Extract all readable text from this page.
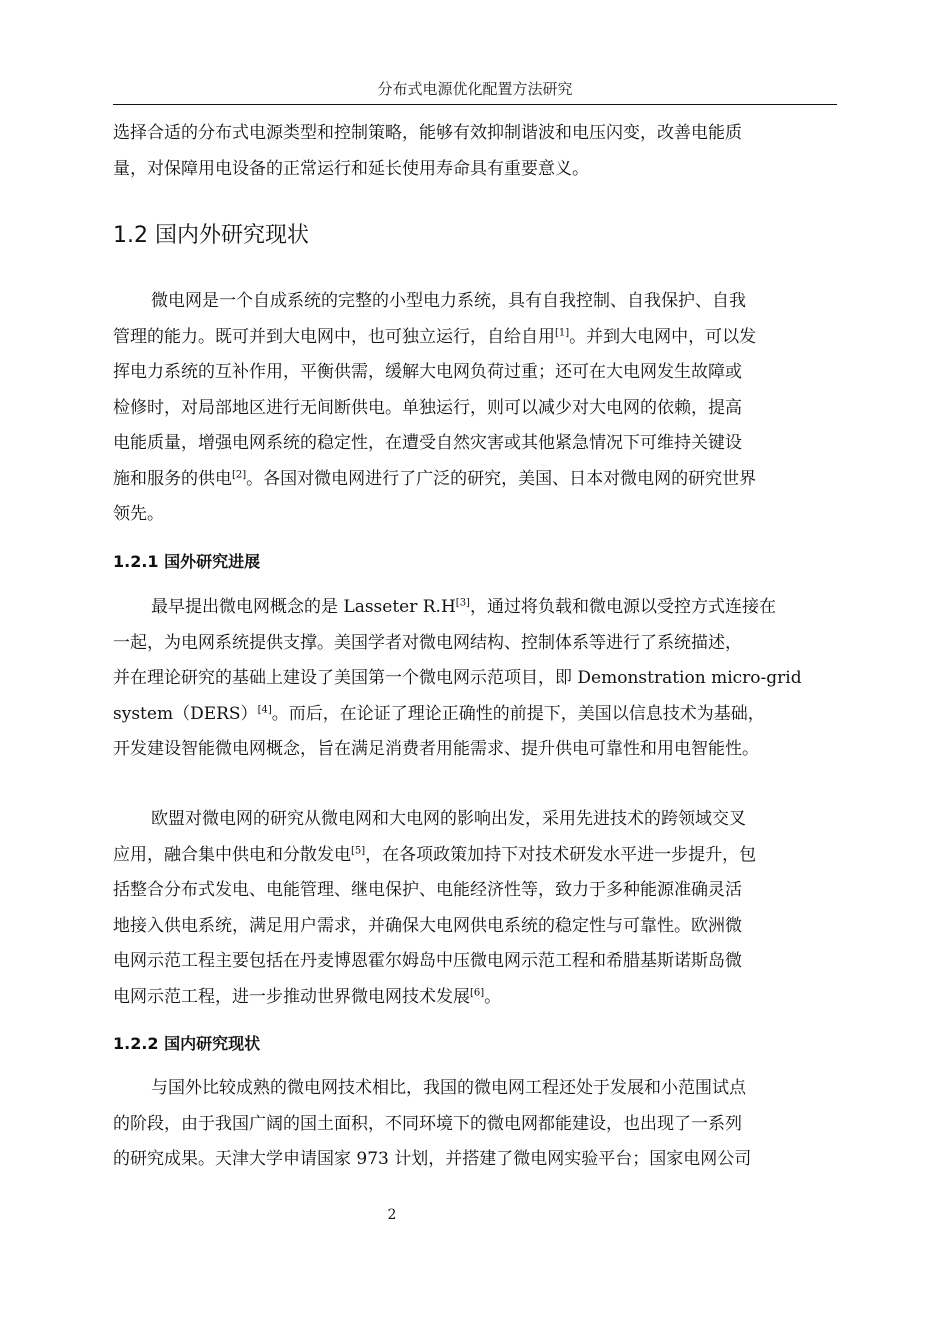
分布式电源优化配置方法研究
选择合适的分布式电源类型和控制策略，能够有效抑制谐波和电压闪变，改善电能质
量，对保障用电设备的正常运行和延长使用寿命具有重要意义。
1.2 国内外研究现状
微电网是一个自成系统的完整的小型电力系统，具有自我控制、自我保护、自我
管理的能力。既可并到大电网中，也可独立运行，自给自用[1]。并到大电网中，可以发
挥电力系统的互补作用，平衡供需，缓解大电网负荷过重；还可在大电网发生故障或
检修时，对局部地区进行无间断供电。单独运行，则可以减少对大电网的依赖，提高
电能质量，增强电网系统的稳定性，在遭受自然灾害或其他紧急情况下可维持关键设
施和服务的供电[2]。各国对微电网进行了广泛的研究，美国、日本对微电网的研究世界
领先。
1.2.1 国外研究进展
最早提出微电网概念的是 Lasseter R.H[3]，通过将负载和微电源以受控方式连接在
一起，为电网系统提供支撑。美国学者对微电网结构、控制体系等进行了系统描述，
并在理论研究的基础上建设了美国第一个微电网示范项目，即 Demonstration micro-grid
system（DERS）[4]。而后，在论证了理论正确性的前提下，美国以信息技术为基础，
开发建设智能微电网概念，旨在满足消费者用能需求、提升供电可靠性和用电智能性。
欧盟对微电网的研究从微电网和大电网的影响出发，采用先进技术的跨领域交叉
应用，融合集中供电和分散发电[5]，在各项政策加持下对技术研发水平进一步提升，包
括整合分布式发电、电能管理、继电保护、电能经济性等，致力于多种能源准确灵活
地接入供电系统，满足用户需求，并确保大电网供电系统的稳定性与可靠性。欧洲微
电网示范工程主要包括在丹麦博恩霍尔姆岛中压微电网示范工程和希腊基斯诺斯岛微
电网示范工程，进一步推动世界微电网技术发展[6]。
1.2.2 国内研究现状
与国外比较成熟的微电网技术相比，我国的微电网工程还处于发展和小范围试点
的阶段，由于我国广阔的国土面积，不同环境下的微电网都能建设，也出现了一系列
的研究成果。天津大学申请国家 973 计划，并搭建了微电网实验平台；国家电网公司
2
